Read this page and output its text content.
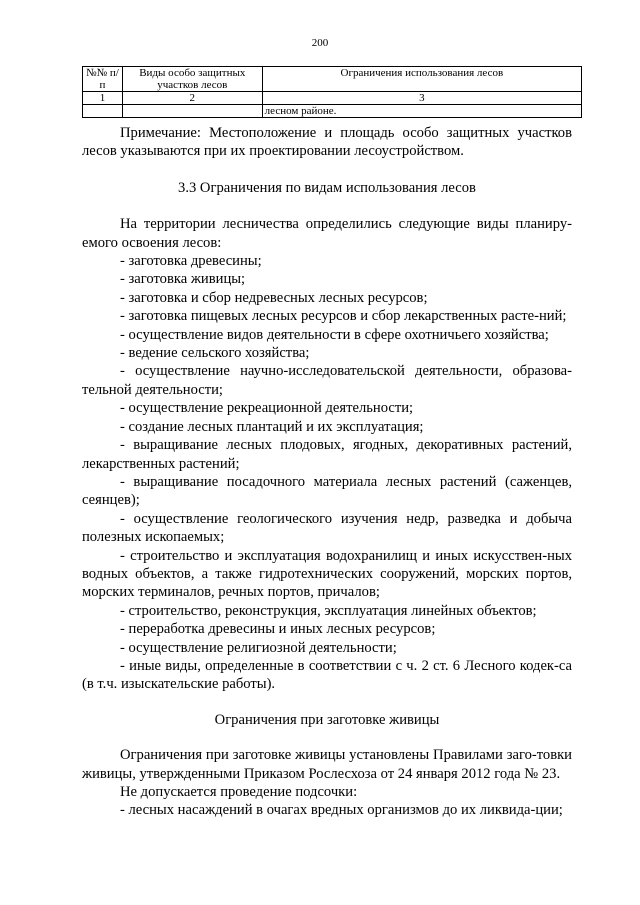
200
№№ п/п	Виды особо защитных участков лесов	Ограничения использования лесов
1	2	3
		лесном районе.

Примечание: Местоположение и площадь особо защитных участков лесов указываются при их проектировании лесоустройством.

3.3 Ограничения по видам использования лесов

На территории лесничества определились следующие виды планиру-емого освоения лесов:

- заготовка древесины;

- заготовка живицы;

- заготовка и сбор недревесных лесных ресурсов;

- заготовка пищевых лесных ресурсов и сбор лекарственных расте-ний;

- осуществление видов деятельности в сфере охотничьего хозяйства;

- ведение сельского хозяйства;

- осуществление научно-исследовательской деятельности, образова-тельной деятельности;

- осуществление рекреационной деятельности;

- создание лесных плантаций и их эксплуатация;

- выращивание лесных плодовых, ягодных, декоративных растений, лекарственных растений;

- выращивание посадочного материала лесных растений (саженцев, сеянцев);

- осуществление геологического изучения недр, разведка и добыча полезных ископаемых;

- строительство и эксплуатация водохранилищ и иных искусствен-ных водных объектов, а также гидротехнических сооружений, морских портов, морских терминалов, речных портов, причалов;

- строительство, реконструкция, эксплуатация линейных объектов;

- переработка древесины и иных лесных ресурсов;

- осуществление религиозной деятельности;

- иные виды, определенные в соответствии с ч. 2 ст. 6 Лесного кодек-са (в т.ч. изыскательские работы).

Ограничения при заготовке живицы

Ограничения при заготовке живицы установлены Правилами заго-товки живицы, утвержденными Приказом Рослесхоза от 24 января 2012 года № 23.

Не допускается проведение подсочки:

- лесных насаждений в очагах вредных организмов до их ликвида-ции;
